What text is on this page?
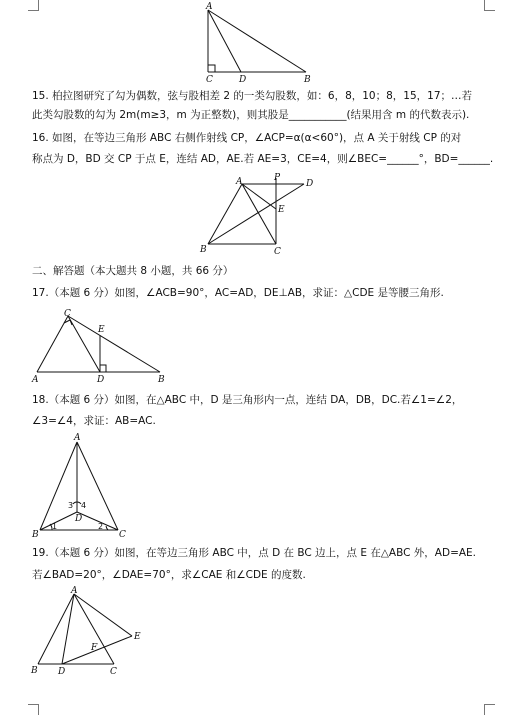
A
C	D	B
15. 柏拉图研究了勾为偶数，弦与股相差 2 的一类勾股数，如：6，8，10；8，15，17；…若
此类勾股数的勾为 2m(m≥3，m 为正整数)，则其股是___________(结果用含 m 的代数表示).
16. 如图，在等边三角形 ABC 右侧作射线 CP，∠ACP=α(α<60°)，点 A 关于射线 CP 的对
称点为 D，BD 交 CP 于点 E，连结 AD，AE.若 AE=3，CE=4，则∠BEC=______°，BD=______.
A	P
D
E
B	C
二、解答题（本大题共 8 小题，共 66 分）
17.（本题 6 分）如图，∠ACB=90°，AC=AD，DE⊥AB，求证：△CDE 是等腰三角形.
C
E
A	D	B
18.（本题 6 分）如图，在△ABC 中，D 是三角形内一点，连结 DA，DB，DC.若∠1=∠2，
∠3=∠4，求证：AB=AC.
A
D
B	C
1	2
3 4
19.（本题 6 分）如图，在等边三角形 ABC 中，点 D 在 BC 边上，点 E 在△ABC 外，AD=AE.
若∠BAD=20°，∠DAE=70°，求∠CAE 和∠CDE 的度数.
A
E
F
B D	C
